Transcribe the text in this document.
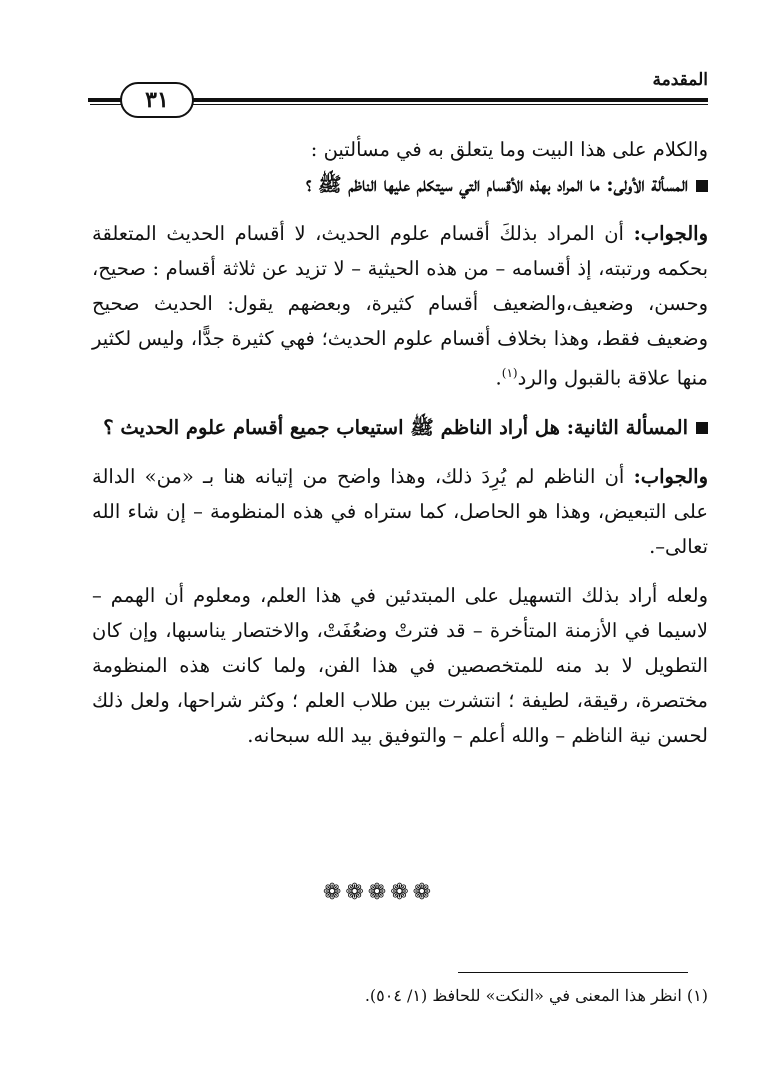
المقدمة
٣١

والكلام على هذا البيت وما يتعلق به في مسألتين :

المسألة الأولى: ما المراد بهذه الأقسام التي سيتكلم عليها الناظم ﷺ ؟

والجواب: أن المراد بذلكَ أقسام علوم الحديث، لا أقسام الحديث المتعلقة بحكمه ورتبته، إذ أقسامه – من هذه الحيثية – لا تزيد عن ثلاثة أقسام : صحيح، وحسن، وضعيف،والضعيف أقسام كثيرة، وبعضهم يقول: الحديث صحيح وضعيف فقط، وهذا بخلاف أقسام علوم الحديث؛ فهي كثيرة جدًّا، وليس لكثير منها علاقة بالقبول والرد$^{(١)}$.

المسألة الثانية: هل أراد الناظم ﷺ استيعاب جميع أقسام علوم الحديث ؟

والجواب: أن الناظم لم يُرِدَ ذلك، وهذا واضح من إتيانه هنا بـ «من» الدالة على التبعيض، وهذا هو الحاصل، كما ستراه في هذه المنظومة – إن شاء الله تعالى–.

ولعله أراد بذلك التسهيل على المبتدئين في هذا العلم، ومعلوم أن الهمم – لاسيما في الأزمنة المتأخرة – قد فترتْ وضعُفَتْ، والاختصار يناسبها، وإن كان التطويل لا بد منه للمتخصصين في هذا الفن، ولما كانت هذه المنظومة مختصرة، رقيقة، لطيفة ؛ انتشرت بين طلاب العلم ؛ وكثر شراحها، ولعل ذلك لحسن نية الناظم – والله أعلم – والتوفيق بيد الله سبحانه.

❁❁❁❁❁
(١) انظر هذا المعنى في «النكت» للحافظ (١/ ٥٠٤).
